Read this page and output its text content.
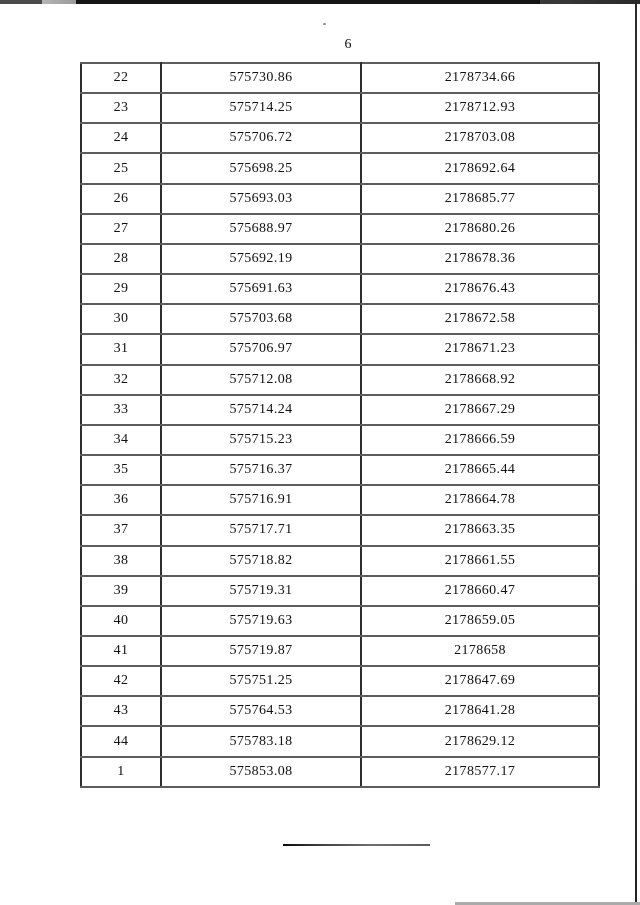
6
22	575730.86	2178734.66
23	575714.25	2178712.93
24	575706.72	2178703.08
25	575698.25	2178692.64
26	575693.03	2178685.77
27	575688.97	2178680.26
28	575692.19	2178678.36
29	575691.63	2178676.43
30	575703.68	2178672.58
31	575706.97	2178671.23
32	575712.08	2178668.92
33	575714.24	2178667.29
34	575715.23	2178666.59
35	575716.37	2178665.44
36	575716.91	2178664.78
37	575717.71	2178663.35
38	575718.82	2178661.55
39	575719.31	2178660.47
40	575719.63	2178659.05
41	575719.87	2178658
42	575751.25	2178647.69
43	575764.53	2178641.28
44	575783.18	2178629.12
1	575853.08	2178577.17
